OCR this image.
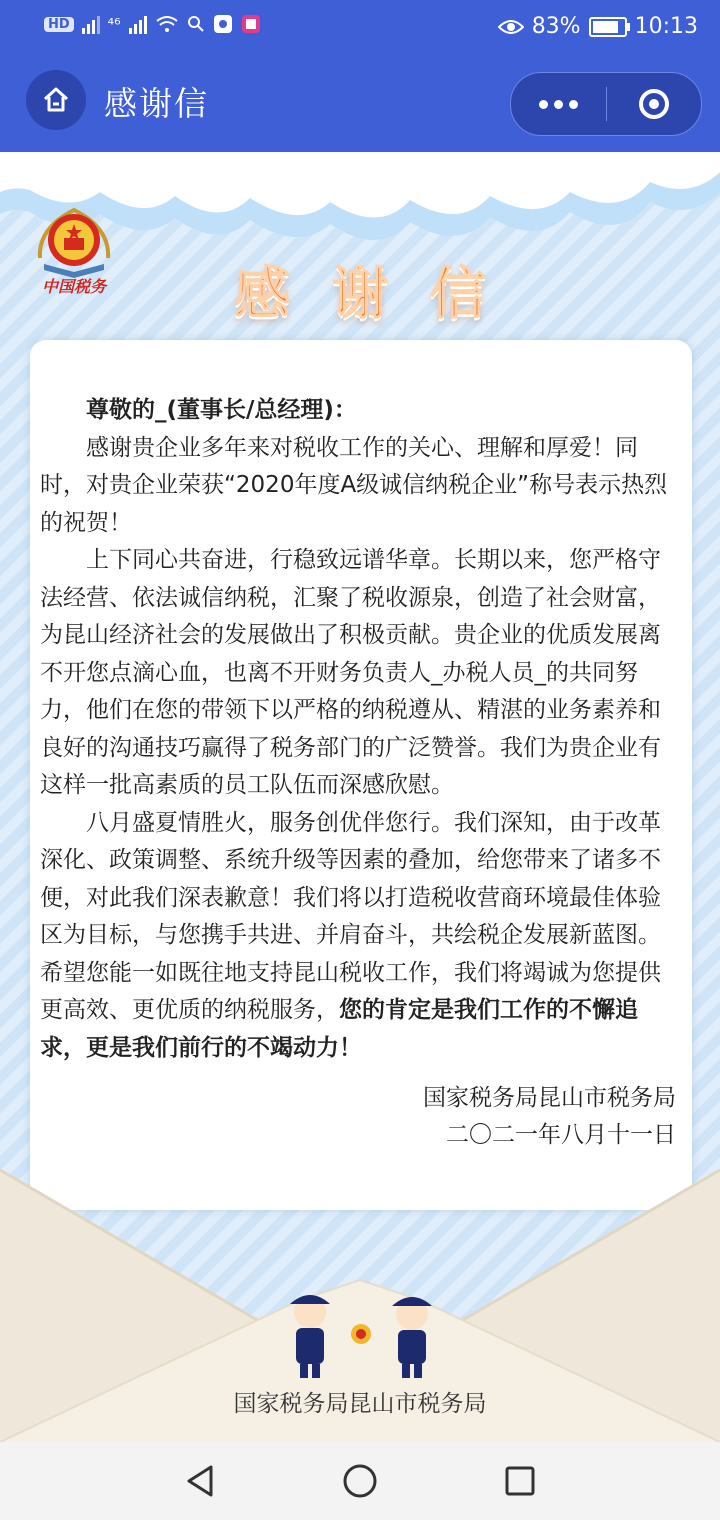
HD ⁴⁶	83% 10:13
感谢信
中国税务	感谢信

尊敬的_(董事长/总经理)：

感谢贵企业多年来对税收工作的关心、理解和厚爱！同时，对贵企业荣获“2020年度A级诚信纳税企业”称号表示热烈的祝贺！

上下同心共奋进，行稳致远谱华章。长期以来，您严格守法经营、依法诚信纳税，汇聚了税收源泉，创造了社会财富，为昆山经济社会的发展做出了积极贡献。贵企业的优质发展离不开您点滴心血，也离不开财务负责人_办税人员_的共同努力，他们在您的带领下以严格的纳税遵从、精湛的业务素养和良好的沟通技巧赢得了税务部门的广泛赞誉。我们为贵企业有这样一批高素质的员工队伍而深感欣慰。

八月盛夏情胜火，服务创优伴您行。我们深知，由于改革深化、政策调整、系统升级等因素的叠加，给您带来了诸多不便，对此我们深表歉意！我们将以打造税收营商环境最佳体验区为目标，与您携手共进、并肩奋斗，共绘税企发展新蓝图。希望您能一如既往地支持昆山税收工作，我们将竭诚为您提供更高效、更优质的纳税服务，您的肯定是我们工作的不懈追求，更是我们前行的不竭动力！

国家税务局昆山市税务局
二〇二一年八月十一日
国家税务局昆山市税务局
